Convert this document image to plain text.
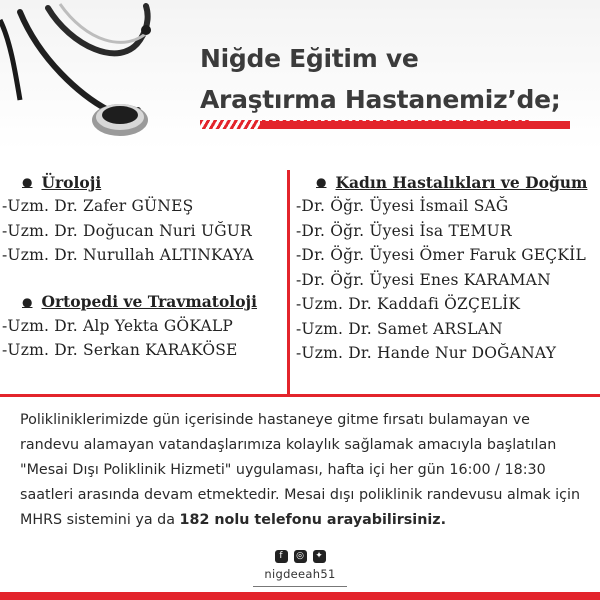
Niğde Eğitim ve
Araştırma Hastanemiz’de;
● Üroloji
-Uzm. Dr. Zafer GÜNEŞ
-Uzm. Dr. Doğucan Nuri UĞUR
-Uzm. Dr. Nurullah ALTINKAYA
● Ortopedi ve Travmatoloji
-Uzm. Dr. Alp Yekta GÖKALP
-Uzm. Dr. Serkan KARAKÖSE
● Kadın Hastalıkları ve Doğum
-Dr. Öğr. Üyesi İsmail SAĞ
-Dr. Öğr. Üyesi İsa TEMUR
-Dr. Öğr. Üyesi Ömer Faruk GEÇKİL
-Dr. Öğr. Üyesi Enes KARAMAN
-Uzm. Dr. Kaddafi ÖZÇELİK
-Uzm. Dr. Samet ARSLAN
-Uzm. Dr. Hande Nur DOĞANAY
Polikliniklerimizde gün içerisinde hastaneye gitme fırsatı bulamayan ve randevu alamayan vatandaşlarımıza kolaylık sağlamak amacıyla başlatılan "Mesai Dışı Poliklinik Hizmeti" uygulaması, hafta içi her gün 16:00 / 18:30 saatleri arasında devam etmektedir. Mesai dışı poliklinik randevusu almak için MHRS sistemini ya da 182 nolu telefonu arayabilirsiniz.
f	◎	✦
nigdeeah51
